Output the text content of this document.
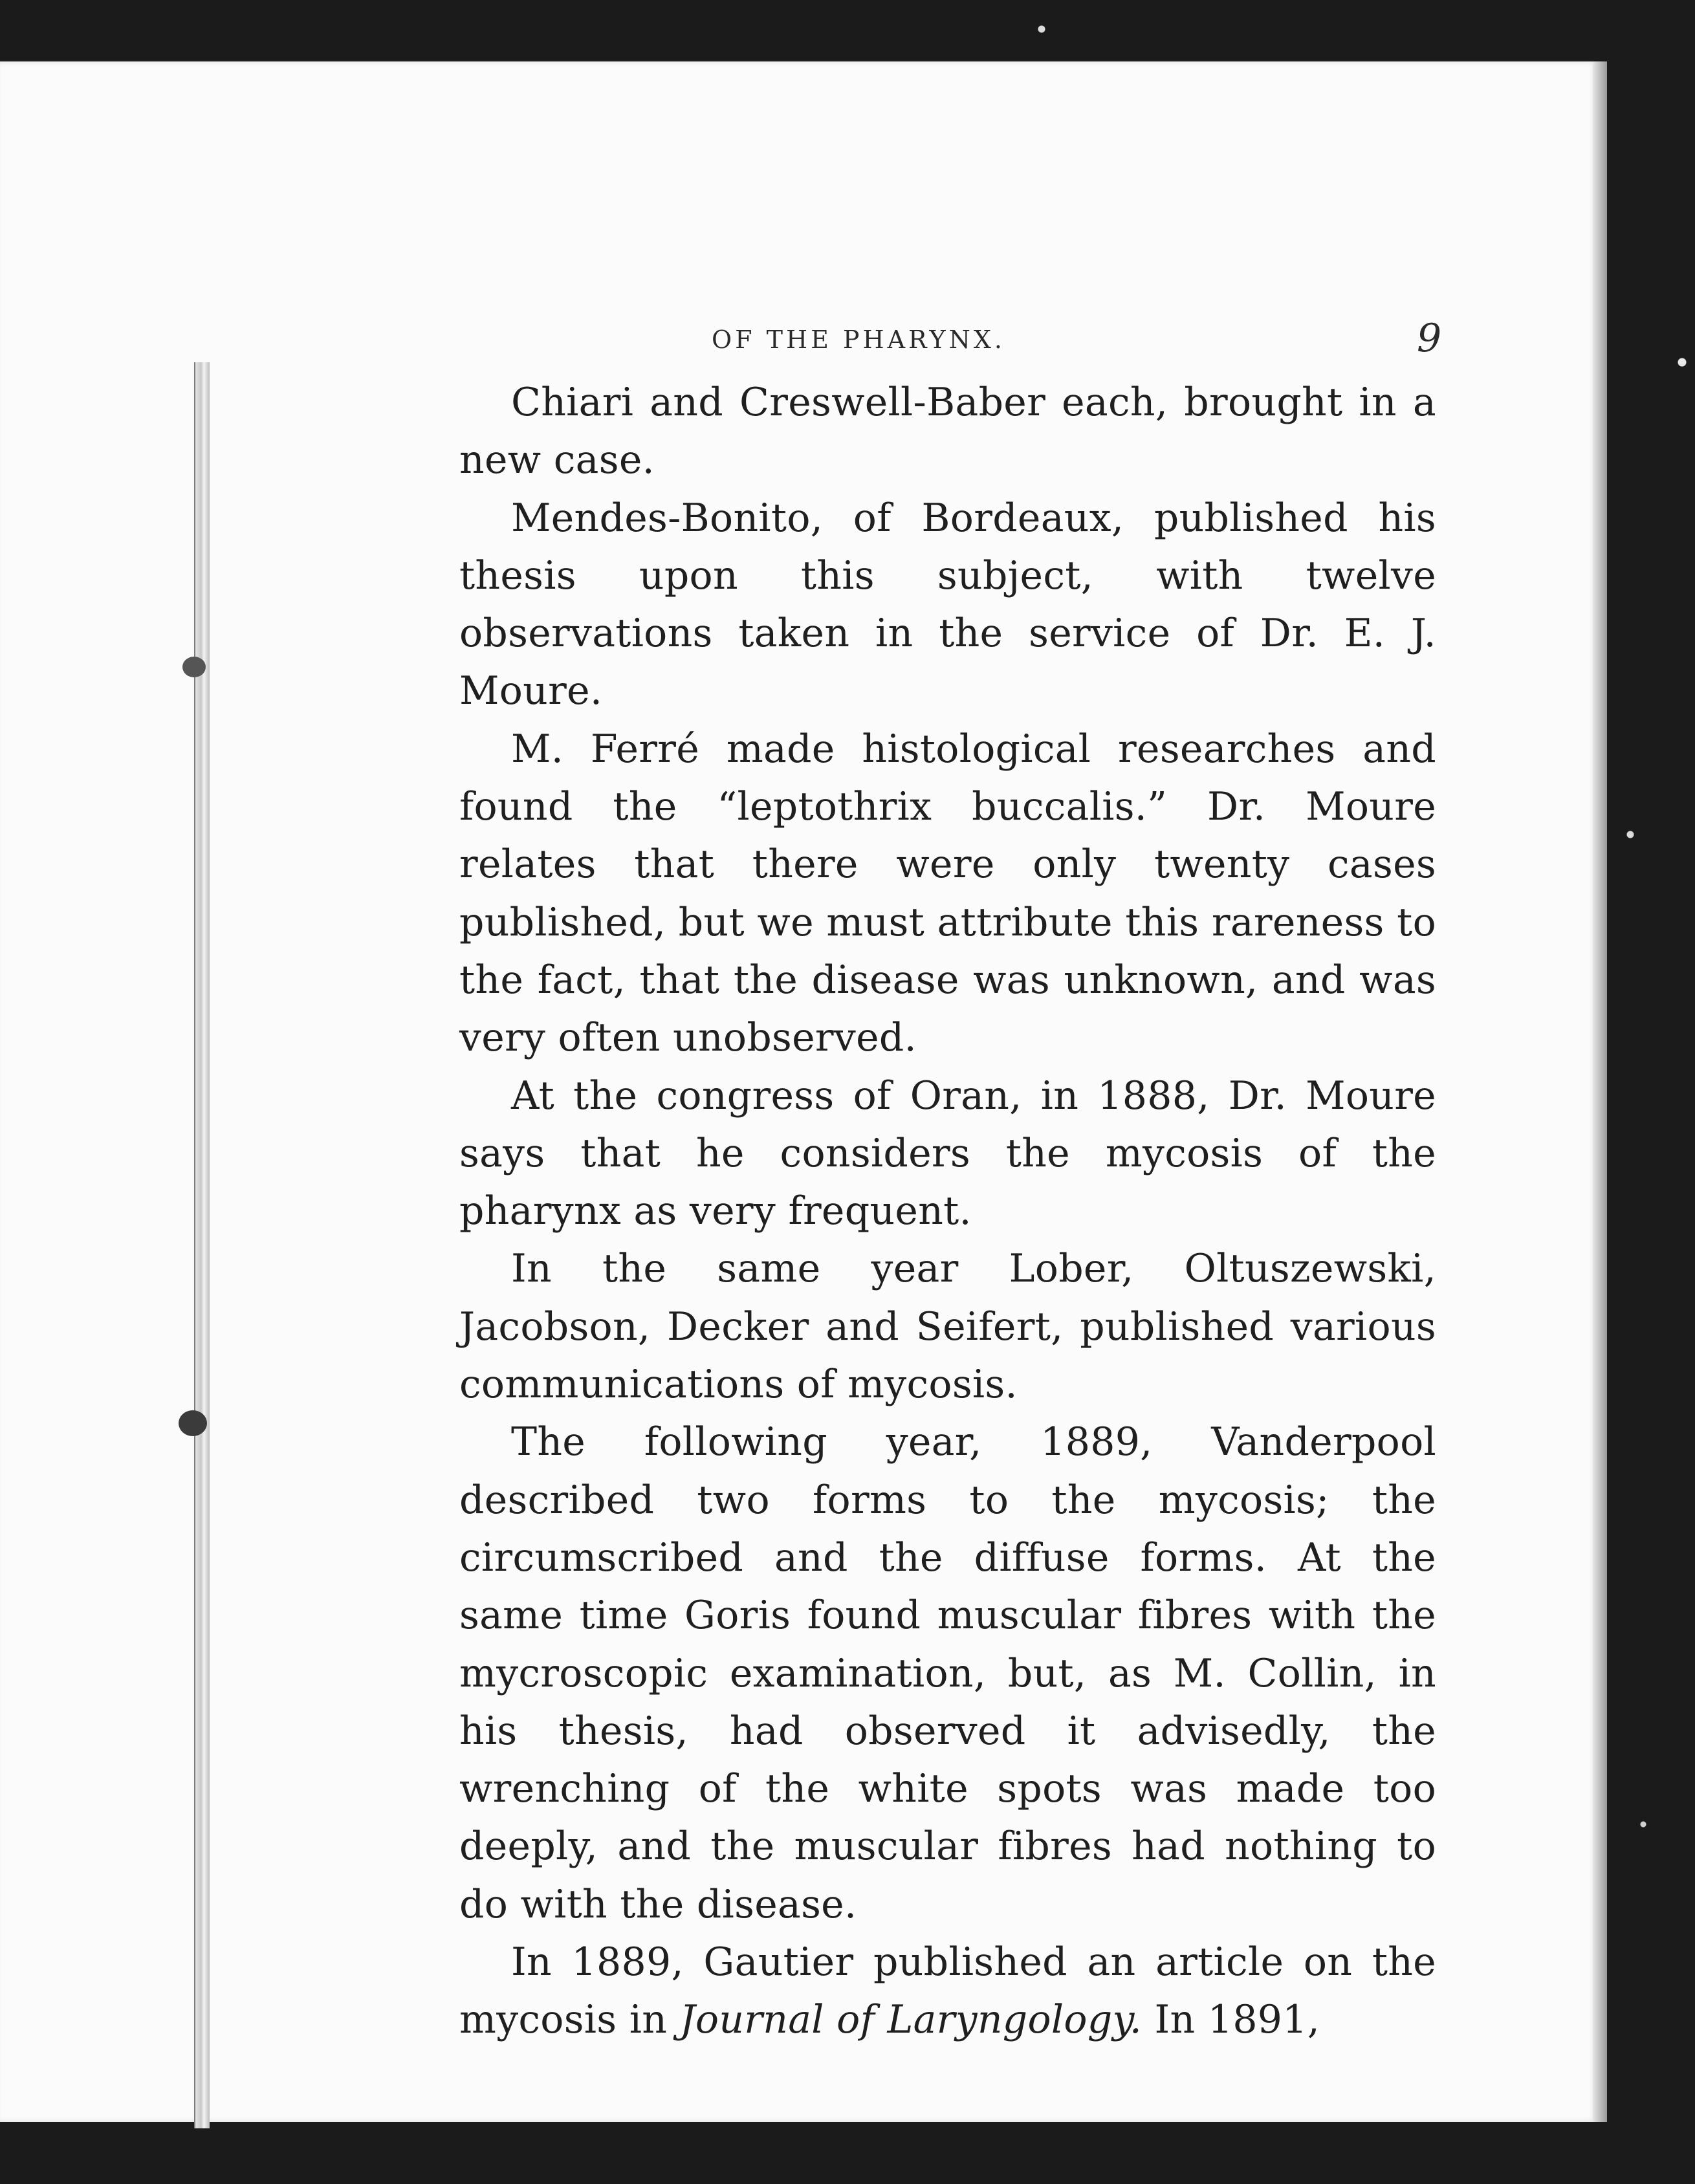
OF THE PHARYNX.	9

Chiari and Creswell-Baber each, brought in a new case.

Mendes-Bonito, of Bordeaux, published his thesis upon this subject, with twelve observations taken in the service of Dr. E. J. Moure.

M. Ferré made histological researches and found the “leptothrix buccalis.” Dr. Moure relates that there were only twenty cases published, but we must attribute this rareness to the fact, that the disease was unknown, and was very often unobserved.

At the congress of Oran, in 1888, Dr. Moure says that he considers the mycosis of the pharynx as very frequent.

In the same year Lober, Oltuszewski, Jacobson, Decker and Seifert, published various communications of mycosis.

The following year, 1889, Vanderpool described two forms to the mycosis; the circumscribed and the diffuse forms. At the same time Goris found muscular fibres with the mycroscopic examination, but, as M. Collin, in his thesis, had observed it advisedly, the wrenching of the white spots was made too deeply, and the muscular fibres had nothing to do with the disease.

In 1889, Gautier published an article on the mycosis in Journal of Laryngology. In 1891,
